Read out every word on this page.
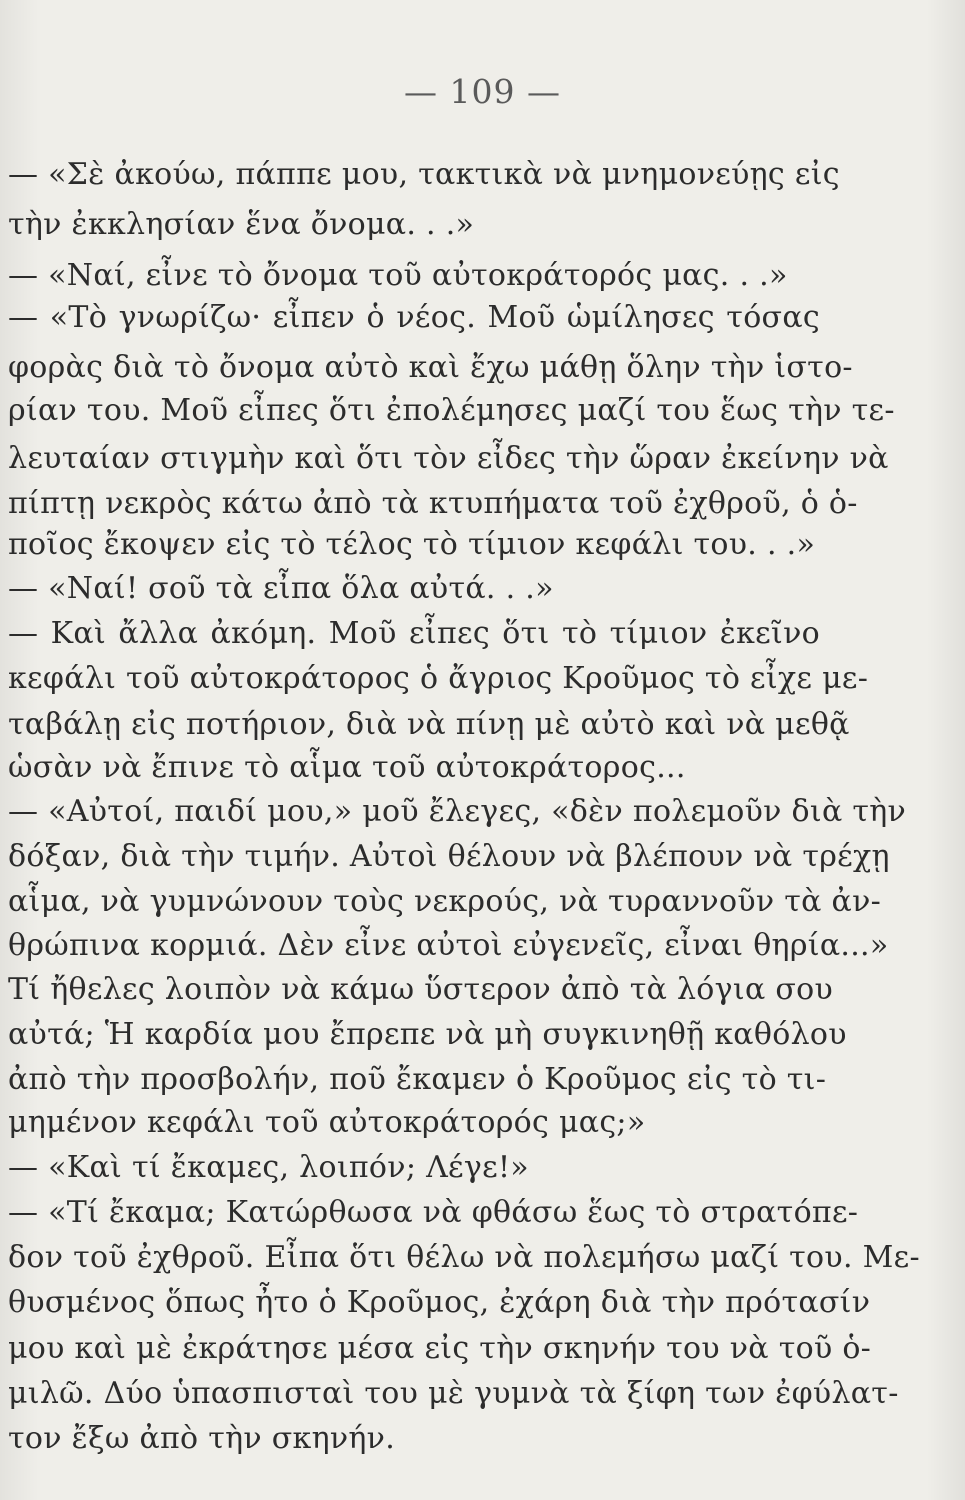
— 109 —
— «Σὲ ἀκούω, πάππε μου, τακτικὰ νὰ μνημονεύῃς εἰς
τὴν ἐκκλησίαν ἕνα ὄνομα. . .»
— «Ναί, εἶνε τὸ ὄνομα τοῦ αὐτοκράτορός μας. . .»
— «Τὸ γνωρίζω· εἶπεν ὁ νέος. Μοῦ ὡμίλησες τόσας
φορὰς διὰ τὸ ὄνομα αὐτὸ καὶ ἔχω μάθῃ ὅλην τὴν ἱστο-
ρίαν του. Μοῦ εἶπες ὅτι ἐπολέμησες μαζί του ἕως τὴν τε-
λευταίαν στιγμὴν καὶ ὅτι τὸν εἶδες τὴν ὥραν ἐκείνην νὰ
πίπτῃ νεκρὸς κάτω ἀπὸ τὰ κτυπήματα τοῦ ἐχθροῦ, ὁ ὁ-
ποῖος ἔκοψεν εἰς τὸ τέλος τὸ τίμιον κεφάλι του. . .»
— «Ναί! σοῦ τὰ εἶπα ὅλα αὐτά. . .»
— Καὶ ἄλλα ἀκόμη. Μοῦ εἶπες ὅτι τὸ τίμιον ἐκεῖνο
κεφάλι τοῦ αὐτοκράτορος ὁ ἄγριος Κροῦμος τὸ εἶχε με-
ταβάλῃ εἰς ποτήριον, διὰ νὰ πίνῃ μὲ αὐτὸ καὶ νὰ μεθᾷ
ὡσὰν νὰ ἔπινε τὸ αἷμα τοῦ αὐτοκράτορος...
— «Αὐτοί, παιδί μου,» μοῦ ἔλεγες, «δὲν πολεμοῦν διὰ τὴν
δόξαν, διὰ τὴν τιμήν. Αὐτοὶ θέλουν νὰ βλέπουν νὰ τρέχῃ
αἷμα, νὰ γυμνώνουν τοὺς νεκρούς, νὰ τυραννοῦν τὰ ἀν-
θρώπινα κορμιά. Δὲν εἶνε αὐτοὶ εὐγενεῖς, εἶναι θηρία...»
Τί ἤθελες λοιπὸν νὰ κάμω ὕστερον ἀπὸ τὰ λόγια σου
αὐτά; Ἡ καρδία μου ἔπρεπε νὰ μὴ συγκινηθῇ καθόλου
ἀπὸ τὴν προσβολήν, ποῦ ἔκαμεν ὁ Κροῦμος εἰς τὸ τι-
μημένον κεφάλι τοῦ αὐτοκράτορός μας;»
— «Καὶ τί ἔκαμες, λοιπόν; Λέγε!»
— «Τί ἔκαμα; Κατώρθωσα νὰ φθάσω ἕως τὸ στρατόπε-
δον τοῦ ἐχθροῦ. Εἶπα ὅτι θέλω νὰ πολεμήσω μαζί του. Με-
θυσμένος ὅπως ἦτο ὁ Κροῦμος, ἐχάρη διὰ τὴν πρότασίν
μου καὶ μὲ ἐκράτησε μέσα εἰς τὴν σκηνήν του νὰ τοῦ ὁ-
μιλῶ. Δύο ὑπασπισταὶ του μὲ γυμνὰ τὰ ξίφη των ἐφύλατ-
τον ἔξω ἀπὸ τὴν σκηνήν.
